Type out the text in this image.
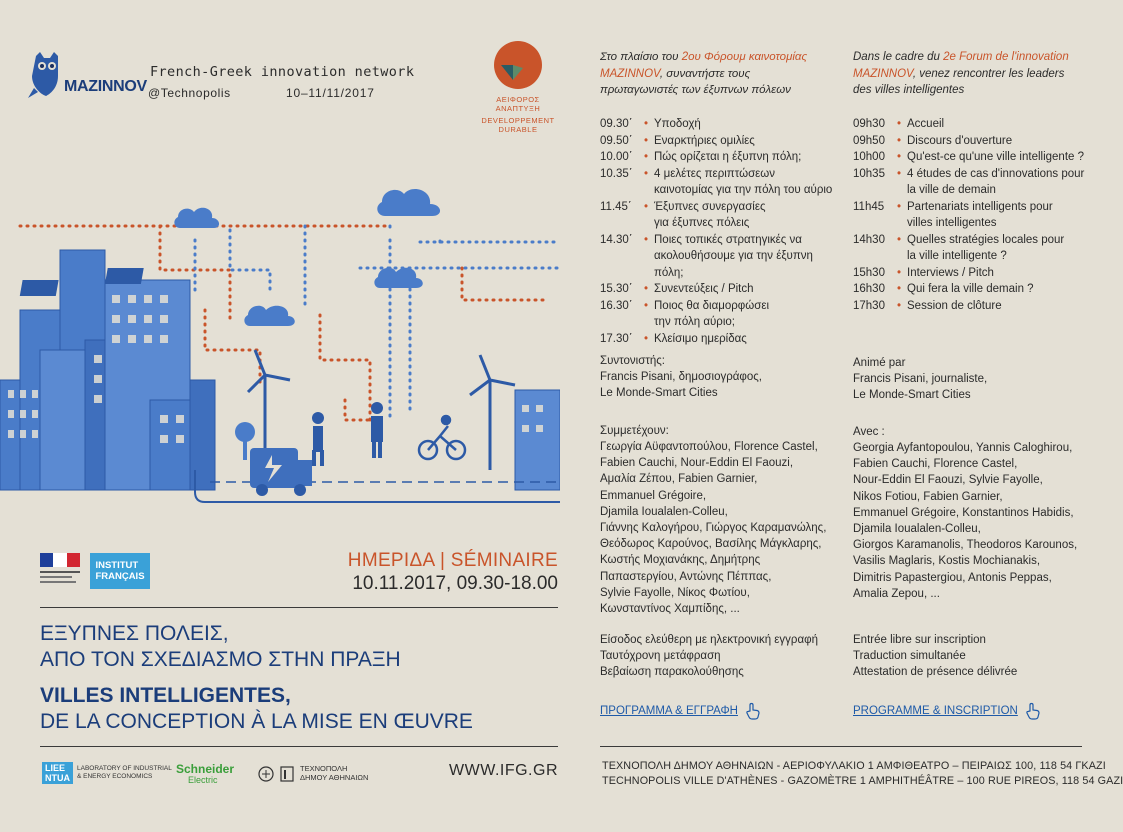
MAZINNOV
French-Greek innovation network
@Technopolis	10–11/11/2017	ΑΕΙΦΟΡΟΣ
ΑΝΑΠΤΥΞΗ
DEVELOPPEMENT
DURABLE
INSTITUT
FRANÇAIS
ΗΜΕΡΙΔΑ | SÉMINAIRE
10.11.2017, 09.30-18.00
ΕΞΥΠΝΕΣ ΠΟΛΕΙΣ,
ΑΠΟ ΤΟΝ ΣΧΕΔΙΑΣΜΟ ΣΤΗΝ ΠΡΑΞΗ
VILLES INTELLIGENTES,
DE LA CONCEPTION À LA MISE EN ŒUVRE
LIEE
NTUA
LABORATORY OF INDUSTRIAL
& ENERGY ECONOMICS
Schneider
Electric
ΤΕΧΝΟΠΟΛΗ
ΔΗΜΟΥ ΑΘΗΝΑΙΩΝ	WWW.IFG.GR
Στο πλαίσιο του 2ου Φόρουμ καινοτομίας
MAZINNOV, συναντήστε τους
πρωταγωνιστές των έξυπνων πόλεων
09.30΄ • Υποδοχή
09.50΄ • Εναρκτήριες ομιλίες
10.00΄ • Πώς ορίζεται η έξυπνη πόλη;
10.35΄ • 4 μελέτες περιπτώσεων
καινοτομίας για την πόλη του αύριο
11.45΄	• Έξυπνες συνεργασίες
για έξυπνες πόλεις
14.30΄ • Ποιες τοπικές στρατηγικές να
ακολουθήσουμε για την έξυπνη πόλη;
15.30΄ • Συνεντεύξεις / Pitch
16.30΄ • Ποιος θα διαμορφώσει
την πόλη αύριο;
17.30΄ • Κλείσιμο ημερίδας
Συντονιστής:
Francis Pisani, δημοσιογράφος,
Le Monde-Smart Cities
Συμμετέχουν:
Γεωργία Αϋφαντοπούλου, Florence Castel,
Fabien Cauchi, Nour-Eddin El Faouzi,
Αμαλία Ζέπου, Fabien Garnier,
Emmanuel Grégoire,
Djamila Ioualalen-Colleu,
Γιάννης Καλογήρου, Γιώργος Καραμανώλης,
Θεόδωρος Καρούνος, Βασίλης Μάγκλαρης,
Κωστής Μοχιανάκης, Δημήτρης
Παπαστεργίου, Αντώνης Πέππας,
Sylvie Fayolle, Νίκος Φωτίου,
Κωνσταντίνος Χαμπίδης, ...
Είσοδος ελεύθερη με ηλεκτρονική εγγραφή
Ταυτόχρονη μετάφραση
Βεβαίωση παρακολούθησης
ΠΡΟΓΡΑΜΜΑ & ΕΓΓΡΑΦΗ
Dans le cadre du 2e Forum de l'innovation
MAZINNOV, venez rencontrer les leaders
des villes intelligentes
09h30	• Accueil
09h50	• Discours d'ouverture
10h00	• Qu'est-ce qu'une ville intelligente ?
10h35	• 4 études de cas d'innovations pour
la ville de demain
11h45	• Partenariats intelligents pour
villes intelligentes
14h30	• Quelles stratégies locales pour
la ville intelligente ?
15h30	• Interviews / Pitch
16h30	• Qui fera la ville demain ?
17h30	• Session de clôture
Animé par
Francis Pisani, journaliste,
Le Monde-Smart Cities
Avec :
Georgia Ayfantopoulou, Yannis Caloghirou,
Fabien Cauchi, Florence Castel,
Nour-Eddin El Faouzi, Sylvie Fayolle,
Nikos Fotiou, Fabien Garnier,
Emmanuel Grégoire, Konstantinos Habidis,
Djamila Ioualalen-Colleu,
Giorgos Karamanolis, Theodoros Karounos,
Vasilis Maglaris, Kostis Mochianakis,
Dimitris Papastergiou, Antonis Peppas,
Amalia Zepou, ...
Entrée libre sur inscription
Traduction simultanée
Attestation de présence délivrée
PROGRAMME & INSCRIPTION
ΤΕΧΝΟΠΟΛΗ ΔΗΜΟΥ ΑΘΗΝΑΙΩΝ - ΑΕΡΙΟΦΥΛΑΚΙΟ 1 ΑΜΦΙΘΕΑΤΡΟ – ΠΕΙΡΑΙΩΣ 100, 118 54 ΓΚΑΖΙ
TECHNOPOLIS VILLE D'ATHÈNES - GAZOMÈTRE 1 AMPHITHÉÂTRE – 100 RUE PIREOS, 118 54 GAZI
